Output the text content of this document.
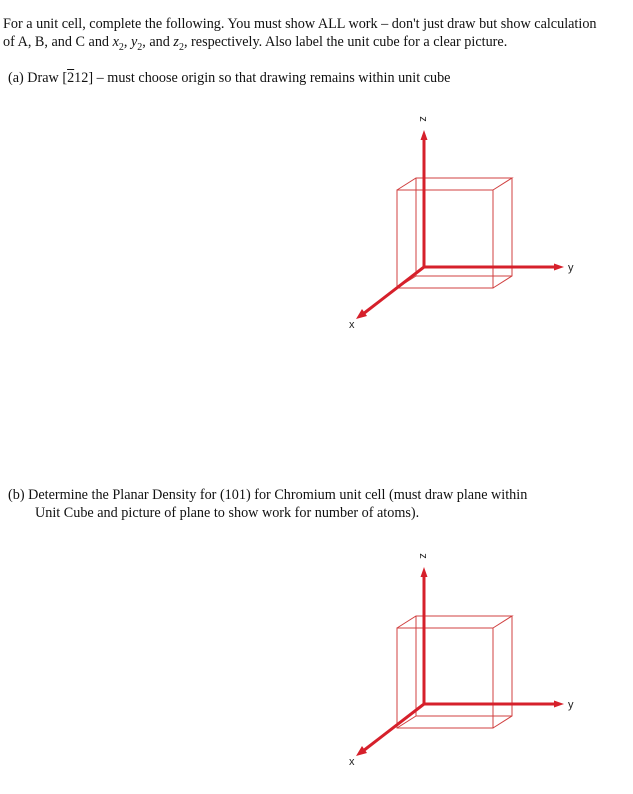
For a unit cell, complete the following. You must show ALL work – don't just draw but show calculation of A, B, and C and $x_2$, $y_2$, and $z_2$, respectively. Also label the unit cube for a clear picture.

(a) Draw [212] – must choose origin so that drawing remains within unit cube

z
y
x

(b) Determine the Planar Density for (101) for Chromium unit cell (must draw plane within
Unit Cube and picture of plane to show work for number of atoms).

z
y
x
